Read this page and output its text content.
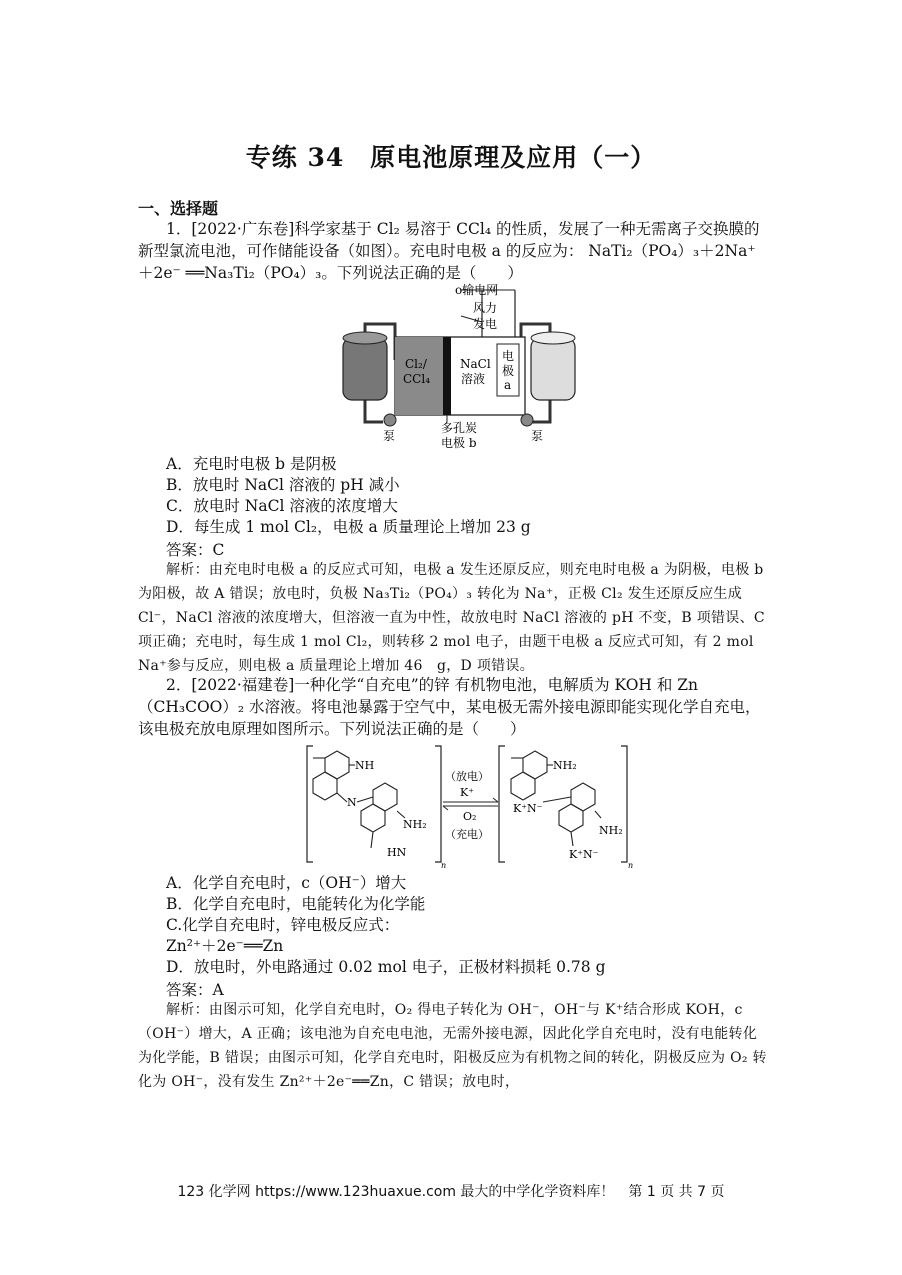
专练 34　原电池原理及应用（一）
一、选择题
1．[2022·广东卷]科学家基于 Cl₂ 易溶于 CCl₄ 的性质，发展了一种无需离子交换膜的新型氯流电池，可作储能设备（如图）。充电时电极 a 的反应为： NaTi₂（PO₄）₃＋2Na⁺＋2e⁻ ══Na₃Ti₂（PO₄）₃。下列说法正确的是（　　）
o输电网
风力
发电
Cl₂/
CCl₄
NaCl
溶液
电
极
a
泵	泵
多孔炭
电极 b
A．充电时电极 b 是阴极
B．放电时 NaCl 溶液的 pH 减小
C．放电时 NaCl 溶液的浓度增大
D．每生成 1 mol Cl₂，电极 a 质量理论上增加 23 g
答案：C
解析：由充电时电极 a 的反应式可知，电极 a 发生还原反应，则充电时电极 a 为阴极，电极 b 为阳极，故 A 错误；放电时，负极 Na₃Ti₂（PO₄）₃ 转化为 Na⁺，正极 Cl₂ 发生还原反应生成 Cl⁻，NaCl 溶液的浓度增大，但溶液一直为中性，故放电时 NaCl 溶液的 pH 不变，B 项错误、C 项正确；充电时，每生成 1 mol Cl₂，则转移 2 mol 电子，由题干电极 a 反应式可知，有 2 mol Na⁺参与反应，则电极 a 质量理论上增加 46　g，D 项错误。
2．[2022·福建卷]一种化学“自充电”的锌 有机物电池，电解质为 KOH 和 Zn（CH₃COO）₂ 水溶液。将电池暴露于空气中，某电极无需外接电源即能实现化学自充电，该电极充放电原理如图所示。下列说法正确的是（　　）
NH
N
NH₂
HN
n
（放电）
K⁺
O₂
（充电）
NH₂
K⁺N⁻
NH₂
K⁺N⁻
n
A．化学自充电时，c（OH⁻）增大
B．化学自充电时，电能转化为化学能
C.化学自充电时，锌电极反应式：
Zn²⁺＋2e⁻══Zn
D．放电时，外电路通过 0.02 mol 电子，正极材料损耗 0.78 g
答案：A
解析：由图示可知，化学自充电时，O₂ 得电子转化为 OH⁻，OH⁻与 K⁺结合形成 KOH，c（OH⁻）增大，A 正确；该电池为自充电电池，无需外接电源，因此化学自充电时，没有电能转化为化学能，B 错误；由图示可知，化学自充电时，阳极反应为有机物之间的转化，阴极反应为 O₂ 转化为 OH⁻，没有发生 Zn²⁺＋2e⁻══Zn，C 错误；放电时，
123 化学网 https://www.123huaxue.com 最大的中学化学资料库！　第 1 页 共 7 页
